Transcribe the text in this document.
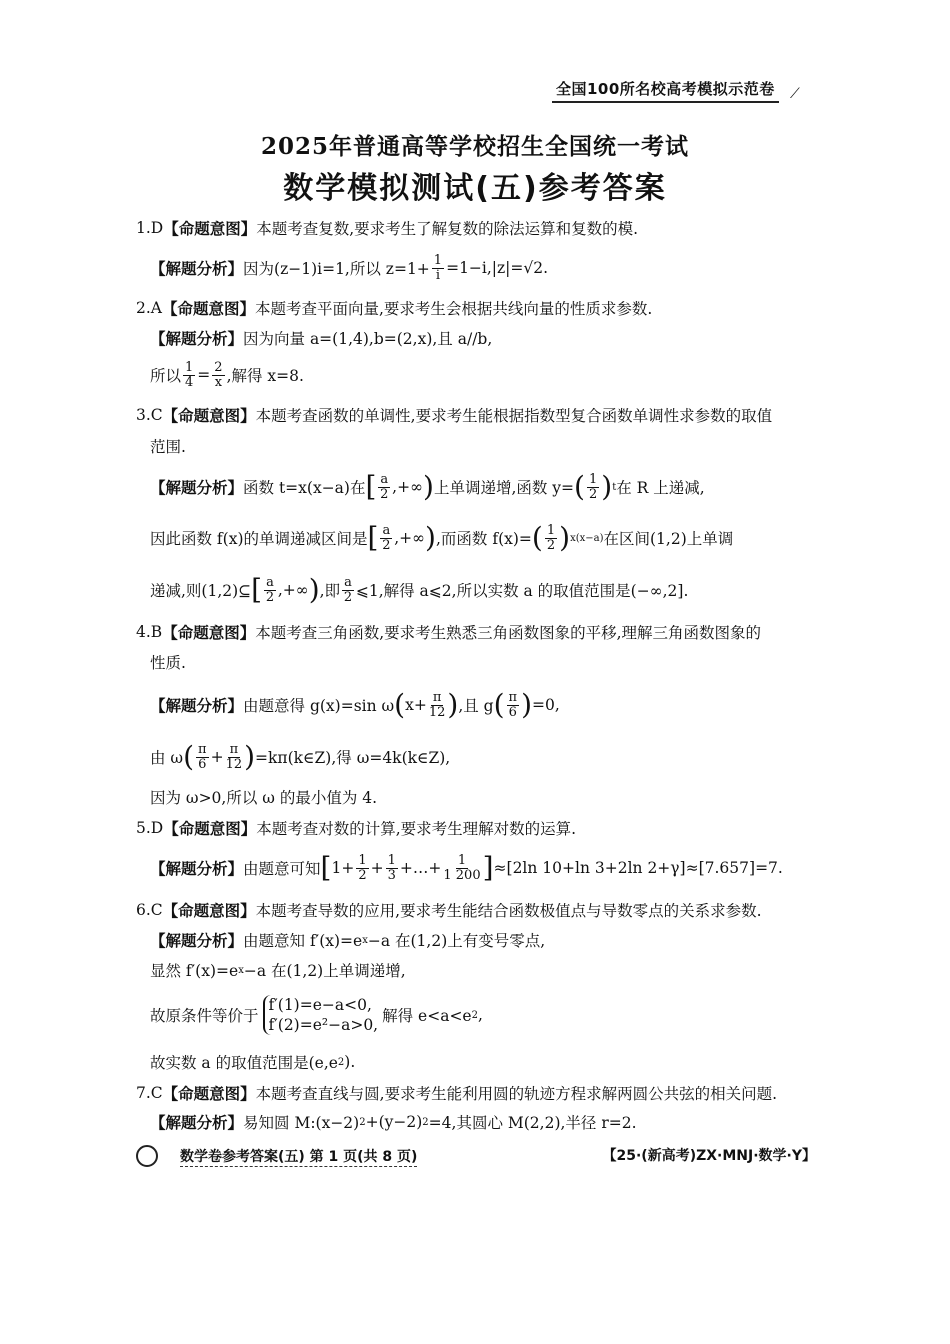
全国100所名校高考模拟示范卷 ⟋
2025年普通高等学校招生全国统一考试
数学模拟测试(五)参考答案
1.D 【命题意图】 本题考查复数,要求考生了解复数的除法运算和复数的模.
【解题分析】 因为(z−1)i=1,所以 $z=1+ \frac{1}{i} =1-i,|z|=√2$.
2.A 【命题意图】 本题考查平面向量,要求考生会根据共线向量的性质求参数.
【解题分析】 因为向量 a=(1,4),b=(2,x),且 a//b,
所以 $\frac{1}{4} = \frac{2}{x}$ ,解得 x=8.
3.C 【命题意图】 本题考查函数的单调性,要求考生能根据指数型复合函数单调性求参数的取值
范围.
【解题分析】 函数 t=x(x−a)在 [ $\frac{a}{2}$ ,+∞ ) 上单调递增,函数 y= ( $\frac{1}{2}$ ) t 在 R 上递减,
因此函数 f(x)的单调递减区间是 [ $\frac{a}{2}$ ,+∞ ) ,而函数 f(x)= ( $\frac{1}{2}$ ) x(x−a) 在区间(1,2)上单调
递减,则(1,2)⊆ [ $\frac{a}{2}$ ,+∞ ) ,即 $\frac{a}{2}$ ⩽1,解得 a⩽2,所以实数 a 的取值范围是(−∞,2].
4.B 【命题意图】 本题考查三角函数,要求考生熟悉三角函数图象的平移,理解三角函数图象的
性质.
【解题分析】 由题意得 g(x)=sin ω ( $x+ \frac{\pi}{12}$ ) ,且 g ( $\frac{\pi}{6}$ ) =0,
由 ω ( $\frac{\pi}{6} + \frac{\pi}{12}$ ) =kπ(k∈Z),得 ω=4k(k∈Z),
因为 ω>0,所以 ω 的最小值为 4.
5.D 【命题意图】 本题考查对数的计算,要求考生理解对数的运算.
【解题分析】 由题意可知 [ $1+ \frac{1}{2} + \frac{1}{3}$ +…+ $\frac{1}{1 200}$ ] ≈[2ln 10+ln 3+2ln 2+γ]≈[7.657]=7.
6.C 【命题意图】 本题考查导数的应用,要求考生能结合函数极值点与导数零点的关系求参数.
【解题分析】 由题意知 f′(x)=e x −a 在(1,2)上有变号零点,
显然 f′(x)=e x −a 在(1,2)上单调递增,
故原条件等价于
f′(1)=e−a<0,
f′(2)=e²−a>0, 解得 e<a<e 2 ,
故实数 a 的取值范围是(e,e 2 ).
7.C 【命题意图】 本题考查直线与圆,要求考生能利用圆的轨迹方程求解两圆公共弦的相关问题.
【解题分析】 易知圆 M:(x−2) 2 +(y−2) 2 =4,其圆心 M(2,2),半径 r=2.
数学卷参考答案(五) 第 1 页(共 8 页)	【25·(新高考)ZX·MNJ·数学·Y】
